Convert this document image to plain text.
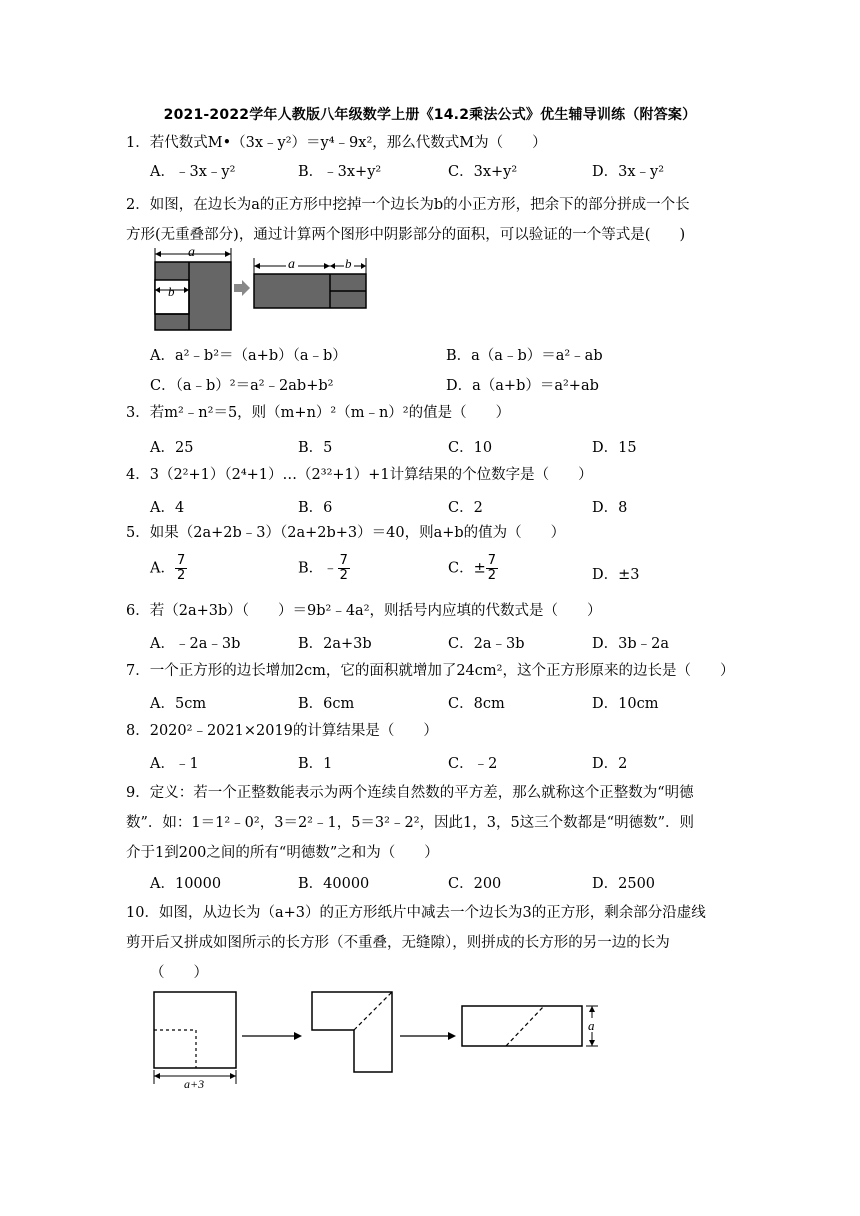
2021-2022学年人教版八年级数学上册《14.2乘法公式》优生辅导训练（附答案）
1．若代数式M•（3x﹣y²）＝y⁴﹣9x²，那么代数式M为（　　）
A．﹣3x﹣y²	B．﹣3x+y²	C．3x+y²	D．3x﹣y²
2．如图，在边长为a的正方形中挖掉一个边长为b的小正方形，把余下的部分拼成一个长
方形(无重叠部分)，通过计算两个图形中阴影部分的面积，可以验证的一个等式是(　　)
a
b
a	b
A．a²﹣b²＝（a+b）（a﹣b）	B．a（a﹣b）＝a²﹣ab
C．（a﹣b）²＝a²﹣2ab+b²	D．a（a+b）＝a²+ab
3．若m²﹣n²＝5，则（m+n）²（m﹣n）²的值是（　　）
A．25	B．5	C．10	D．15
4．3（2²+1）（2⁴+1）…（2³²+1）+1计算结果的个位数字是（　　）
A．4	B．6	C．2	D．8
5．如果（2a+2b﹣3）（2a+2b+3）＝40，则a+b的值为（　　）
A． $\frac{7}{2}$	B．﹣ $\frac{7}{2}$	C．± $\frac{7}{2}$	D．±3
6．若（2a+3b）（　　）＝9b²﹣4a²，则括号内应填的代数式是（　　）
A．﹣2a﹣3b	B．2a+3b	C．2a﹣3b	D．3b﹣2a
7．一个正方形的边长增加2cm，它的面积就增加了24cm²，这个正方形原来的边长是（　　）
A．5cm	B．6cm	C．8cm	D．10cm
8．2020²﹣2021×2019的计算结果是（　　）
A．﹣1	B．1	C．﹣2	D．2
9．定义：若一个正整数能表示为两个连续自然数的平方差，那么就称这个正整数为“明德
数”．如：1＝1²﹣0²，3＝2²﹣1，5＝3²﹣2²，因此1，3，5这三个数都是“明德数”．则
介于1到200之间的所有“明德数”之和为（　　）
A．10000	B．40000	C．200	D．2500
10．如图，从边长为（a+3）的正方形纸片中减去一个边长为3的正方形，剩余部分沿虚线
剪开后又拼成如图所示的长方形（不重叠，无缝隙），则拼成的长方形的另一边的长为
（　　）
a+3
a
